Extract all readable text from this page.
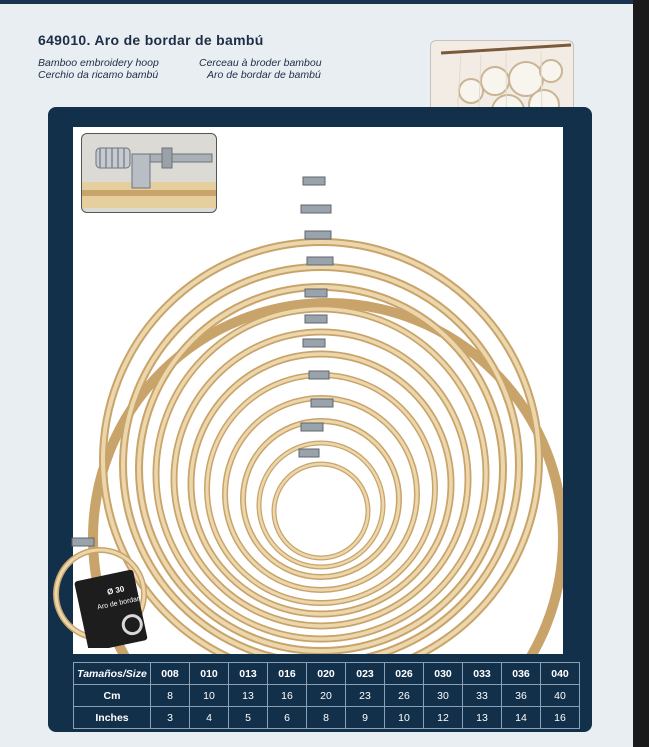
649010. Aro de bordar de bambú
Bamboo embroidery hoop	Cerceau à broder bambou
Cerchio da ricamo bambú	Aro de bordar de bambú
Aro de bordar
Ø 30
Tamaños/Size	008	010	013	016	020	023	026	030	033	036	040
Cm	8	10	13	16	20	23	26	30	33	36	40
Inches	3	4	5	6	8	9	10	12	13	14	16
